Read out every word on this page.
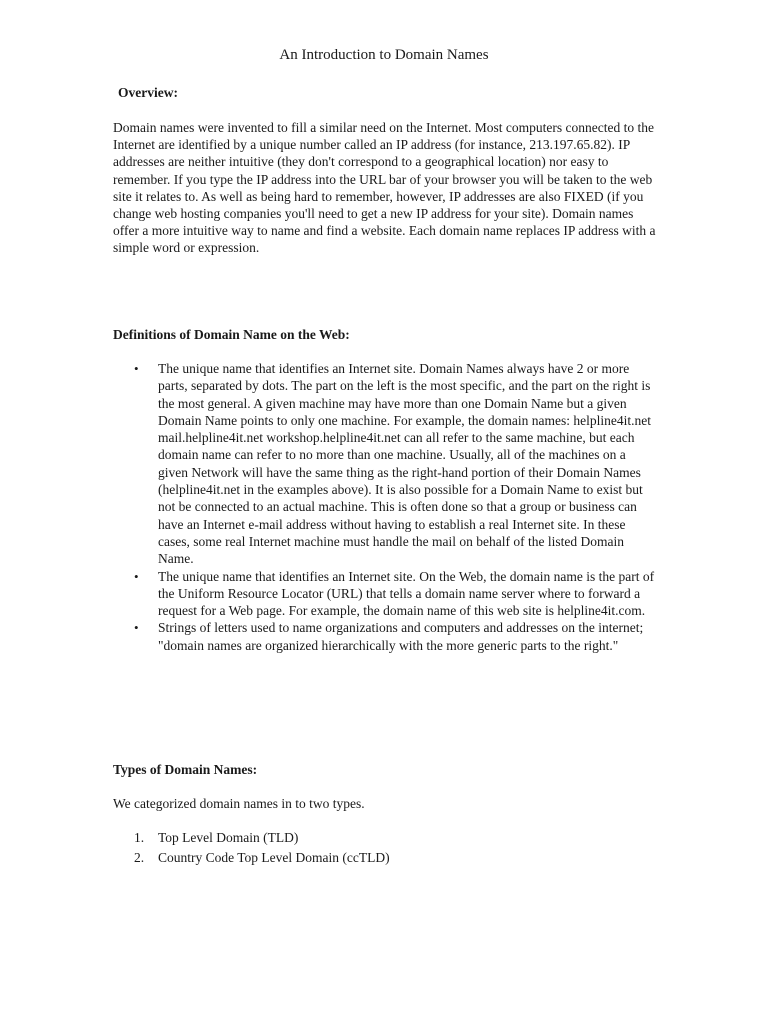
An Introduction to Domain Names
Overview:

Domain names were invented to fill a similar need on the Internet. Most computers connected to the Internet are identified by a unique number called an IP address (for instance, 213.197.65.82). IP addresses are neither intuitive (they don't correspond to a geographical location) nor easy to remember. If you type the IP address into the URL bar of your browser you will be taken to the web site it relates to. As well as being hard to remember, however, IP addresses are also FIXED (if you change web hosting companies you'll need to get a new IP address for your site). Domain names offer a more intuitive way to name and find a website. Each domain name replaces IP address with a simple word or expression.

Definitions of Domain Name on the Web:
• The unique name that identifies an Internet site. Domain Names always have 2 or more parts, separated by dots. The part on the left is the most specific, and the part on the right is the most general. A given machine may have more than one Domain Name but a given Domain Name points to only one machine. For example, the domain names: helpline4it.net mail.helpline4it.net workshop.helpline4it.net can all refer to the same machine, but each domain name can refer to no more than one machine. Usually, all of the machines on a given Network will have the same thing as the right-hand portion of their Domain Names (helpline4it.net in the examples above). It is also possible for a Domain Name to exist but not be connected to an actual machine. This is often done so that a group or business can have an Internet e-mail address without having to establish a real Internet site. In these cases, some real Internet machine must handle the mail on behalf of the listed Domain Name.
• The unique name that identifies an Internet site. On the Web, the domain name is the part of the Uniform Resource Locator (URL) that tells a domain name server where to forward a request for a Web page. For example, the domain name of this web site is helpline4it.com.
• Strings of letters used to name organizations and computers and addresses on the internet; "domain names are organized hierarchically with the more generic parts to the right."
Types of Domain Names:

We categorized domain names in to two types.

1. Top Level Domain (TLD)
2. Country Code Top Level Domain (ccTLD)
